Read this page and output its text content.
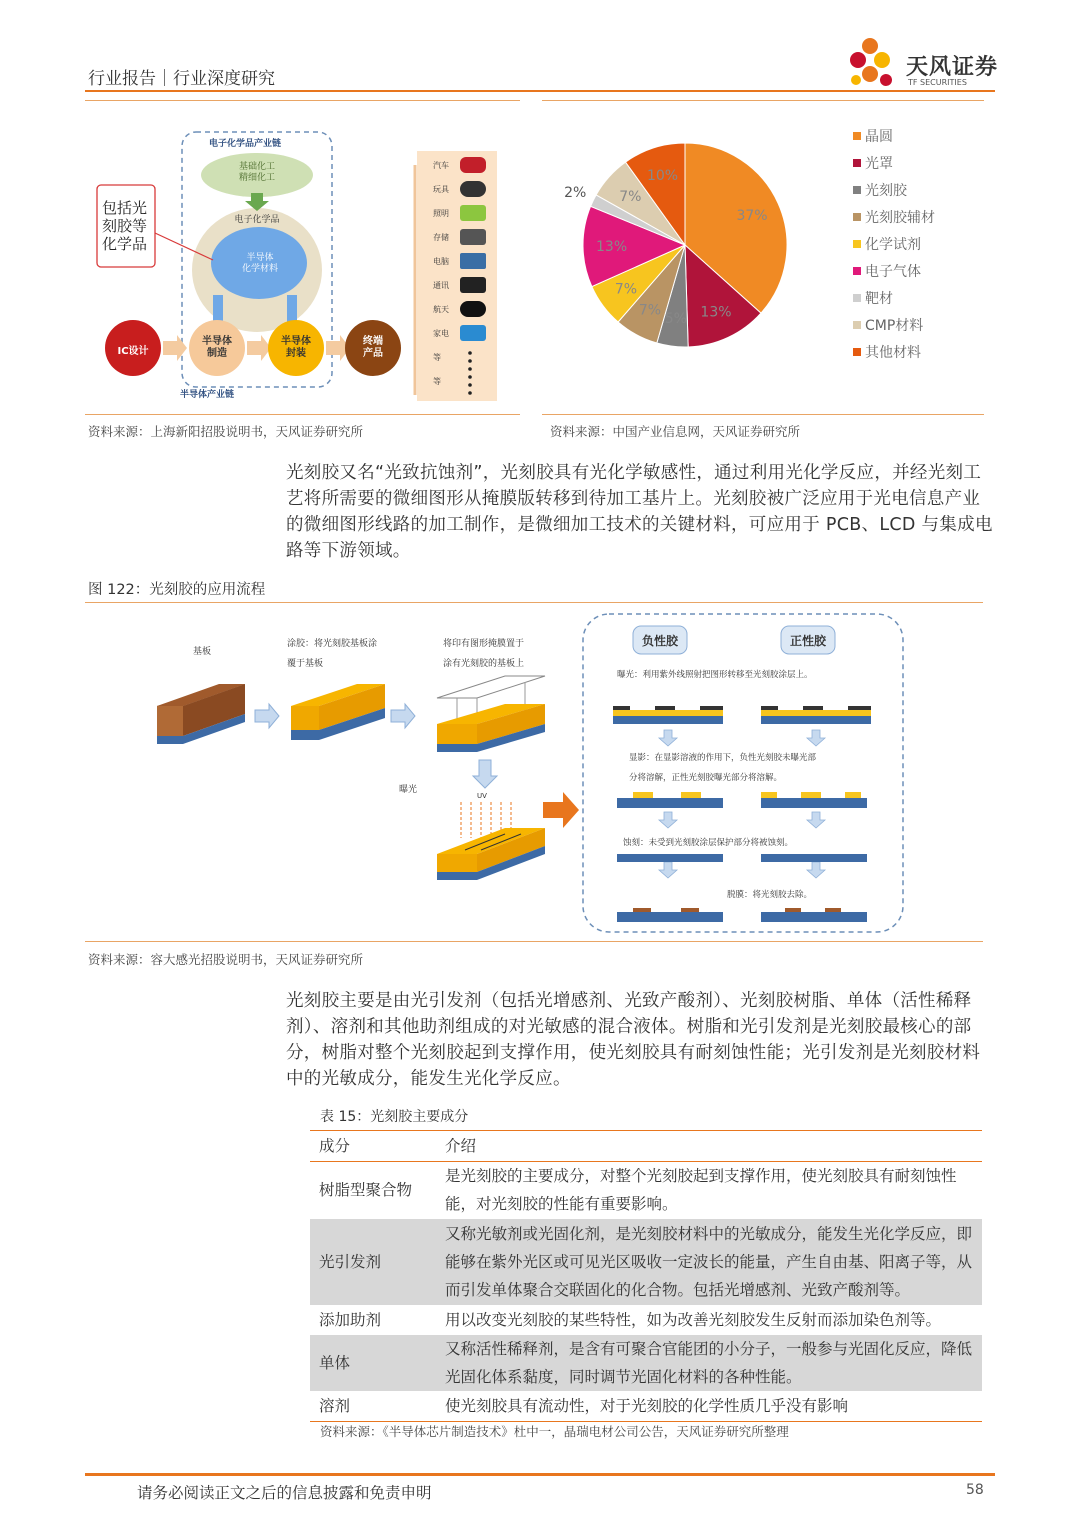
行业报告｜行业深度研究	天风证券
TF SECURITIES
电子化学品产业链
基础化工
精细化工
电子化学品
半导体
化学材料
包括光
刻胶等
化学品
IC设计
半导体
制造
半导体
封装
终端
产品
半导体产业链
汽车
玩具
照明
存储
电脑
通讯
航天
家电
等
等
37%
13%
5%
7%
7%
13%
2% 7%
10%
晶圆
光罩
光刻胶
光刻胶辅材
化学试剂
电子气体
靶材
CMP材料
其他材料
资料来源：上海新阳招股说明书，天风证券研究所	资料来源：中国产业信息网，天风证券研究所
光刻胶又名“光致抗蚀剂”，光刻胶具有光化学敏感性，通过利用光化学反应，并经光刻工艺将所需要的微细图形从掩膜版转移到待加工基片上。光刻胶被广泛应用于光电信息产业的微细图形线路的加工制作，是微细加工技术的关键材料，可应用于 PCB、LCD 与集成电路等下游领域。
图 122：光刻胶的应用流程
基板
涂胶：将光刻胶基板涂
覆于基板
将印有图形掩膜置于
涂有光刻胶的基板上
曝光
UV
负性胶	正性胶
曝光：利用紫外线照射把图形转移至光刻胶涂层上。
显影：在显影溶液的作用下，负性光刻胶未曝光部
分将溶解，正性光刻胶曝光部分将溶解。
蚀刻：未受到光刻胶涂层保护部分将被蚀刻。
脱膜：将光刻胶去除。
资料来源：容大感光招股说明书，天风证券研究所
光刻胶主要是由光引发剂（包括光增感剂、光致产酸剂）、光刻胶树脂、单体（活性稀释剂）、溶剂和其他助剂组成的对光敏感的混合液体。树脂和光引发剂是光刻胶最核心的部分，树脂对整个光刻胶起到支撑作用，使光刻胶具有耐刻蚀性能；光引发剂是光刻胶材料中的光敏成分，能发生光化学反应。
表 15：光刻胶主要成分
成分	介绍
树脂型聚合物	是光刻胶的主要成分，对整个光刻胶起到支撑作用，使光刻胶具有耐刻蚀性能，对光刻胶的性能有重要影响。
光引发剂	又称光敏剂或光固化剂，是光刻胶材料中的光敏成分，能发生光化学反应，即能够在紫外光区或可见光区吸收一定波长的能量，产生自由基、阳离子等，从而引发单体聚合交联固化的化合物。包括光增感剂、光致产酸剂等。
添加助剂	用以改变光刻胶的某些特性，如为改善光刻胶发生反射而添加染色剂等。
单体	又称活性稀释剂，是含有可聚合官能团的小分子，一般参与光固化反应，降低光固化体系黏度，同时调节光固化材料的各种性能。
溶剂	使光刻胶具有流动性，对于光刻胶的化学性质几乎没有影响
资料来源：《半导体芯片制造技术》杜中一，晶瑞电材公司公告，天风证券研究所整理
请务必阅读正文之后的信息披露和免责申明	58
